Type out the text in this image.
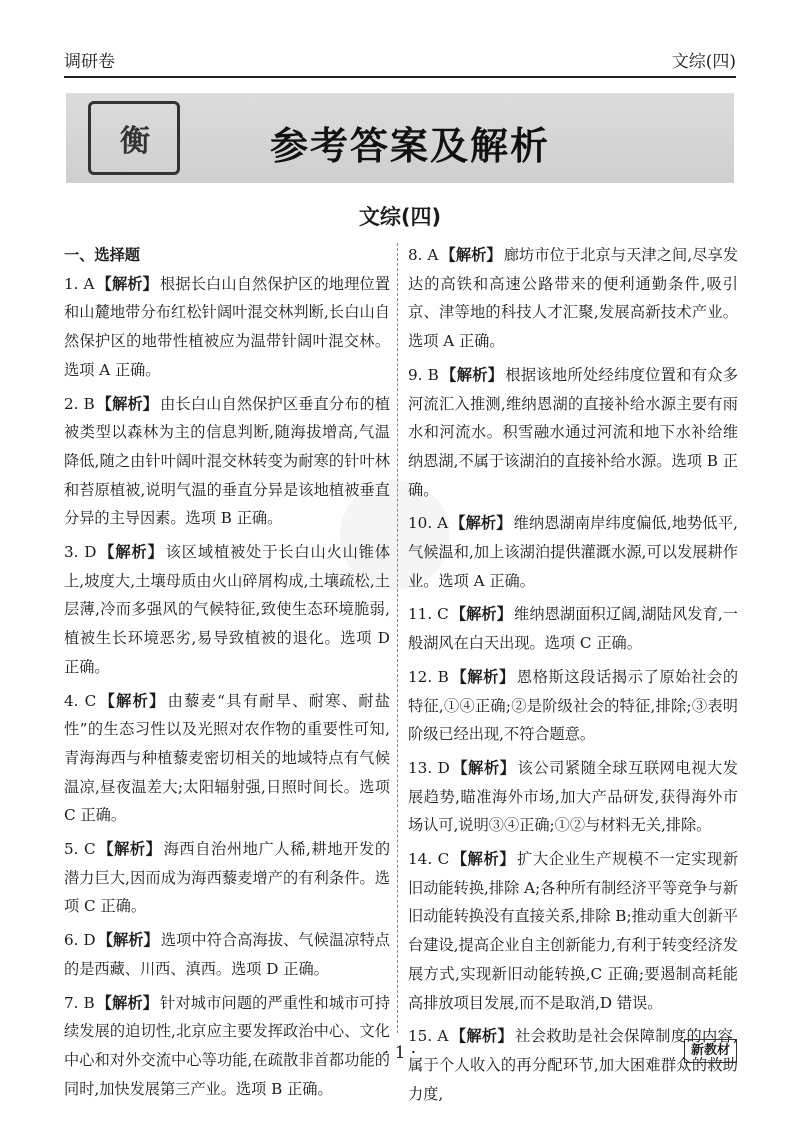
调研卷	文综(四)
衡	参考答案及解析
文综(四)
一、选择题
1. A 【解析】 根据长白山自然保护区的地理位置和山麓地带分布红松针阔叶混交林判断,长白山自然保护区的地带性植被应为温带针阔叶混交林。选项 A 正确。
2. B 【解析】 由长白山自然保护区垂直分布的植被类型以森林为主的信息判断,随海拔增高,气温降低,随之由针叶阔叶混交林转变为耐寒的针叶林和苔原植被,说明气温的垂直分异是该地植被垂直分异的主导因素。选项 B 正确。
3. D 【解析】 该区域植被处于长白山火山锥体上,坡度大,土壤母质由火山碎屑构成,土壤疏松,土层薄,冷而多强风的气候特征,致使生态环境脆弱,植被生长环境恶劣,易导致植被的退化。选项 D 正确。
4. C 【解析】 由藜麦“具有耐旱、耐寒、耐盐性”的生态习性以及光照对农作物的重要性可知,青海海西与种植藜麦密切相关的地域特点有气候温凉,昼夜温差大;太阳辐射强,日照时间长。选项 C 正确。
5. C 【解析】 海西自治州地广人稀,耕地开发的潜力巨大,因而成为海西藜麦增产的有利条件。选项 C 正确。
6. D 【解析】 选项中符合高海拔、气候温凉特点的是西藏、川西、滇西。选项 D 正确。
7. B 【解析】 针对城市问题的严重性和城市可持续发展的迫切性,北京应主要发挥政治中心、文化中心和对外交流中心等功能,在疏散非首都功能的同时,加快发展第三产业。选项 B 正确。
8. A 【解析】 廊坊市位于北京与天津之间,尽享发达的高铁和高速公路带来的便利通勤条件,吸引京、津等地的科技人才汇聚,发展高新技术产业。选项 A 正确。
9. B 【解析】 根据该地所处经纬度位置和有众多河流汇入推测,维纳恩湖的直接补给水源主要有雨水和河流水。积雪融水通过河流和地下水补给维纳恩湖,不属于该湖泊的直接补给水源。选项 B 正确。
10. A 【解析】 维纳恩湖南岸纬度偏低,地势低平,气候温和,加上该湖泊提供灌溉水源,可以发展耕作业。选项 A 正确。
11. C 【解析】 维纳恩湖面积辽阔,湖陆风发育,一般湖风在白天出现。选项 C 正确。
12. B 【解析】 恩格斯这段话揭示了原始社会的特征,①④正确;②是阶级社会的特征,排除;③表明阶级已经出现,不符合题意。
13. D 【解析】 该公司紧随全球互联网电视大发展趋势,瞄准海外市场,加大产品研发,获得海外市场认可,说明③④正确;①②与材料无关,排除。
14. C 【解析】 扩大企业生产规模不一定实现新旧动能转换,排除 A;各种所有制经济平等竞争与新旧动能转换没有直接关系,排除 B;推动重大创新平台建设,提高企业自主创新能力,有利于转变经济发展方式,实现新旧动能转换,C 正确;要遏制高耗能高排放项目发展,而不是取消,D 错误。
15. A 【解析】 社会救助是社会保障制度的内容,属于个人收入的再分配环节,加大困难群众的救助力度,
· 1 ·	新教材
